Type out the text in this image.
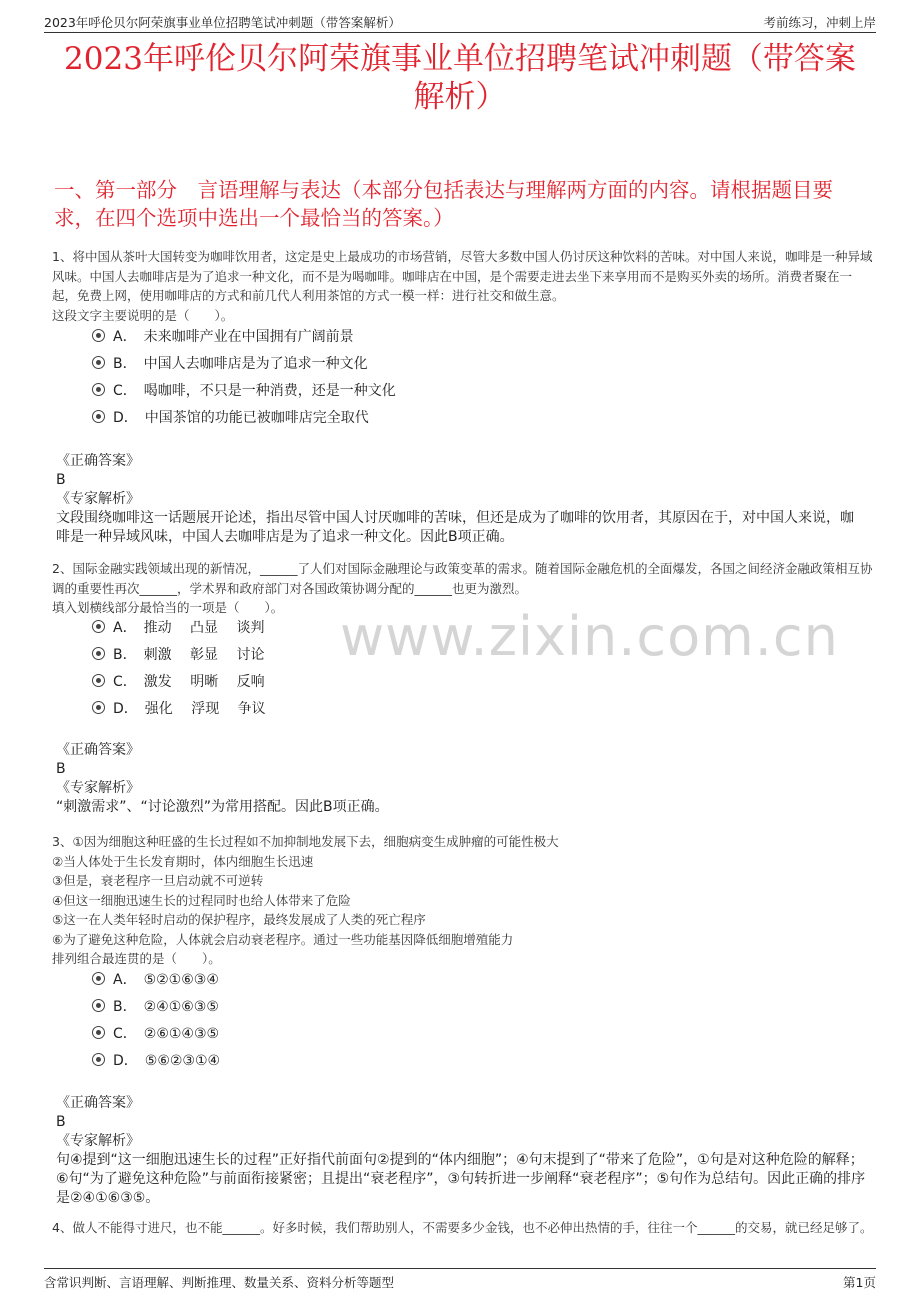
2023年呼伦贝尔阿荣旗事业单位招聘笔试冲刺题（带答案解析）	考前练习，冲刺上岸
2023年呼伦贝尔阿荣旗事业单位招聘笔试冲刺题（带答案解析）
一、第一部分　言语理解与表达（本部分包括表达与理解两方面的内容。请根据题目要求，在四个选项中选出一个最恰当的答案。）

1、将中国从茶叶大国转变为咖啡饮用者，这定是史上最成功的市场营销，尽管大多数中国人仍讨厌这种饮料的苦味。对中国人来说，咖啡是一种异域风味。中国人去咖啡店是为了追求一种文化，而不是为喝咖啡。咖啡店在中国，是个需要走进去坐下来享用而不是购买外卖的场所。消费者聚在一起，免费上网，使用咖啡店的方式和前几代人利用茶馆的方式一模一样：进行社交和做生意。

这段文字主要说明的是（　　）。

A．　未来咖啡产业在中国拥有广阔前景
B．　中国人去咖啡店是为了追求一种文化
C．　喝咖啡，不只是一种消费，还是一种文化
D．　中国茶馆的功能已被咖啡店完全取代
《正确答案》
B
《专家解析》
文段围绕咖啡这一话题展开论述，指出尽管中国人讨厌咖啡的苦味，但还是成为了咖啡的饮用者，其原因在于，对中国人来说，咖啡是一种异域风味，中国人去咖啡店是为了追求一种文化。因此B项正确。

2、国际金融实践领域出现的新情况，______了人们对国际金融理论与政策变革的需求。随着国际金融危机的全面爆发，各国之间经济金融政策相互协调的重要性再次______，学术界和政府部门对各国政策协调分配的______也更为激烈。

填入划横线部分最恰当的一项是（　　）。

A．　推动　 凸显　 谈判
B．　刺激　 彰显　 讨论
C．　激发　 明晰　 反响
D．　强化　 浮现　 争议
《正确答案》
B
《专家解析》
“刺激需求”、“讨论激烈”为常用搭配。因此B项正确。
www.zixin.com.cn

3、①因为细胞这种旺盛的生长过程如不加抑制地发展下去，细胞病变生成肿瘤的可能性极大

②当人体处于生长发育期时，体内细胞生长迅速

③但是，衰老程序一旦启动就不可逆转

④但这一细胞迅速生长的过程同时也给人体带来了危险

⑤这一在人类年轻时启动的保护程序，最终发展成了人类的死亡程序

⑥为了避免这种危险，人体就会启动衰老程序。通过一些功能基因降低细胞增殖能力

排列组合最连贯的是（　　）。

A．　⑤②①⑥③④
B．　②④①⑥③⑤
C．　②⑥①④③⑤
D．　⑤⑥②③①④
《正确答案》
B
《专家解析》
句④提到“这一细胞迅速生长的过程”正好指代前面句②提到的“体内细胞”；④句末提到了“带来了危险”，①句是对这种危险的解释；⑥句“为了避免这种危险”与前面衔接紧密；且提出“衰老程序”，③句转折进一步阐释“衰老程序”；⑤句作为总结句。因此正确的排序是②④①⑥③⑤。

4、做人不能得寸进尺，也不能______。好多时候，我们帮助别人，不需要多少金钱，也不必伸出热情的手，往往一个______的交易，就已经足够了。

含常识判断、言语理解、判断推理、数量关系、资料分析等题型	第1页
